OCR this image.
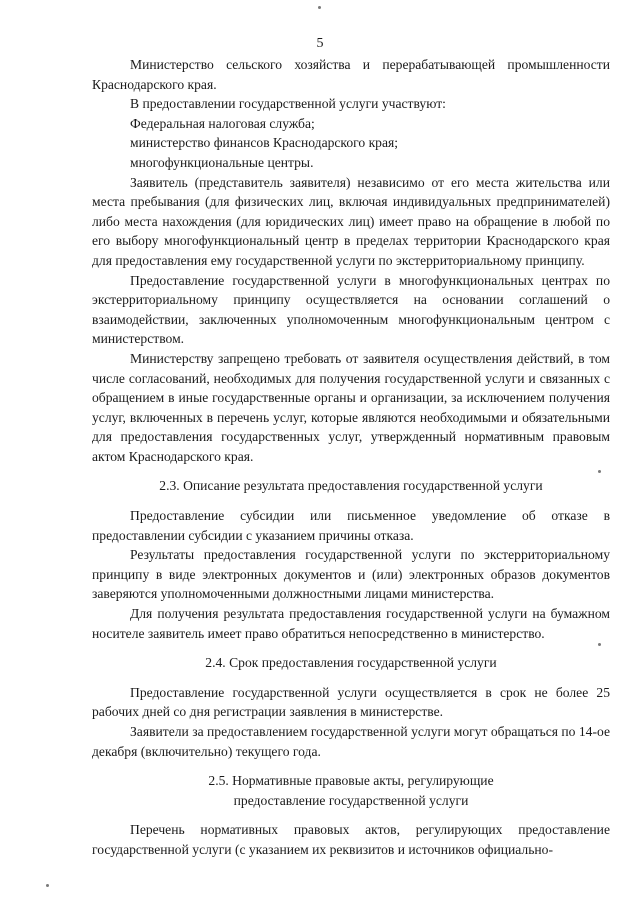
5

Министерство сельского хозяйства и перерабатывающей промышленности Краснодарского края.

В предоставлении государственной услуги участвуют:

Федеральная налоговая служба;

министерство финансов Краснодарского края;

многофункциональные центры.

Заявитель (представитель заявителя) независимо от его места жительства или места пребывания (для физических лиц, включая индивидуальных предпринимателей) либо места нахождения (для юридических лиц) имеет право на обращение в любой по его выбору многофункциональный центр в пределах территории Краснодарского края для предоставления ему государственной услуги по экстерриториальному принципу.

Предоставление государственной услуги в многофункциональных центрах по экстерриториальному принципу осуществляется на основании соглашений о взаимодействии, заключенных уполномоченным многофункциональным центром с министерством.

Министерству запрещено требовать от заявителя осуществления действий, в том числе согласований, необходимых для получения государственной услуги и связанных с обращением в иные государственные органы и организации, за исключением получения услуг, включенных в перечень услуг, которые являются необходимыми и обязательными для предоставления государственных услуг, утвержденный нормативным правовым актом Краснодарского края.

2.3. Описание результата предоставления государственной услуги

Предоставление субсидии или письменное уведомление об отказе в предоставлении субсидии с указанием причины отказа.

Результаты предоставления государственной услуги по экстерриториальному принципу в виде электронных документов и (или) электронных образов документов заверяются уполномоченными должностными лицами министерства.

Для получения результата предоставления государственной услуги на бумажном носителе заявитель имеет право обратиться непосредственно в министерство.

2.4. Срок предоставления государственной услуги

Предоставление государственной услуги осуществляется в срок не более 25 рабочих дней со дня регистрации заявления в министерстве.

Заявители за предоставлением государственной услуги могут обращаться по 14-ое декабря (включительно) текущего года.

2.5. Нормативные правовые акты, регулирующие

предоставление государственной услуги

Перечень нормативных правовых актов, регулирующих предоставление государственной услуги (с указанием их реквизитов и источников официально-
